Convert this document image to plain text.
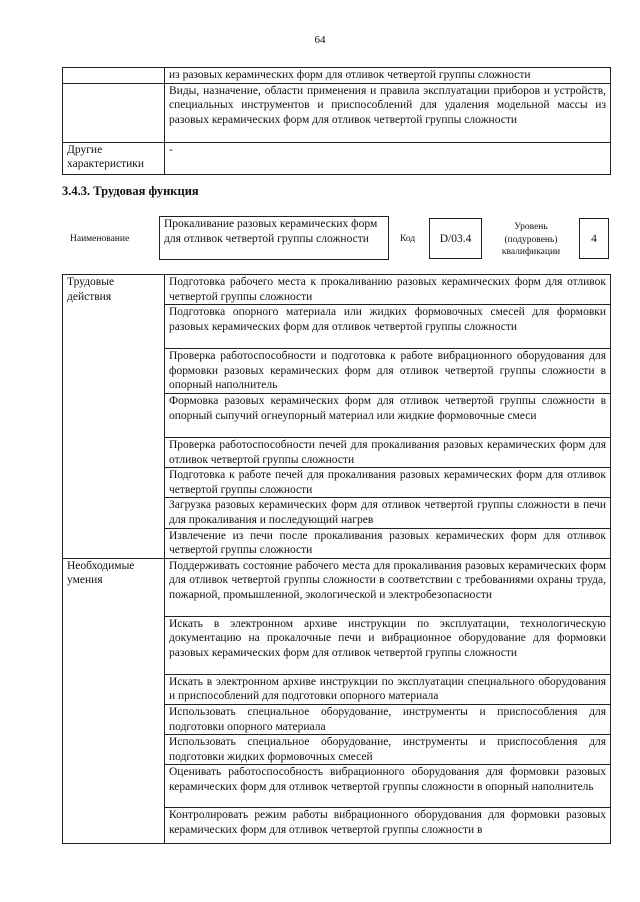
64
	из разовых керамических форм для отливок четвертой группы сложности
	Виды, назначение, области применения и правила эксплуатации приборов и устройств, специальных инструментов и приспособлений для удаления модельной массы из разовых керамических форм для отливок четвертой группы сложности
Другие характеристики	-
3.4.3. Трудовая функция
Наименование
Прокаливание разовых керамических форм для отливок четвертой группы сложности	Код	D/03.4
Уровень (подуровень) квалификации
4
Трудовые действия	Подготовка рабочего места к прокаливанию разовых керамических форм для отливок четвертой группы сложности
	Подготовка опорного материала или жидких формовочных смесей для формовки разовых керамических форм для отливок четвертой группы сложности
	Проверка работоспособности и подготовка к работе вибрационного оборудования для формовки разовых керамических форм для отливок четвертой группы сложности в опорный наполнитель
	Формовка разовых керамических форм для отливок четвертой группы сложности в опорный сыпучий огнеупорный материал или жидкие формовочные смеси
	Проверка работоспособности печей для прокаливания разовых керамических форм для отливок четвертой группы сложности
	Подготовка к работе печей для прокаливания разовых керамических форм для отливок четвертой группы сложности
	Загрузка разовых керамических форм для отливок четвертой группы сложности в печи для прокаливания и последующий нагрев
	Извлечение из печи после прокаливания разовых керамических форм для отливок четвертой группы сложности
Необходимые умения	Поддерживать состояние рабочего места для прокаливания разовых керамических форм для отливок четвертой группы сложности в соответствии с требованиями охраны труда, пожарной, промышленной, экологической и электробезопасности
	Искать в электронном архиве инструкции по эксплуатации, технологическую документацию на прокалочные печи и вибрационное оборудование для формовки разовых керамических форм для отливок четвертой группы сложности
	Искать в электронном архиве инструкции по эксплуатации специального оборудования и приспособлений для подготовки опорного материала
	Использовать специальное оборудование, инструменты и приспособления для подготовки опорного материала
	Использовать специальное оборудование, инструменты и приспособления для подготовки жидких формовочных смесей
	Оценивать работоспособность вибрационного оборудования для формовки разовых керамических форм для отливок четвертой группы сложности в опорный наполнитель
	Контролировать режим работы вибрационного оборудования для формовки разовых керамических форм для отливок четвертой группы сложности в
